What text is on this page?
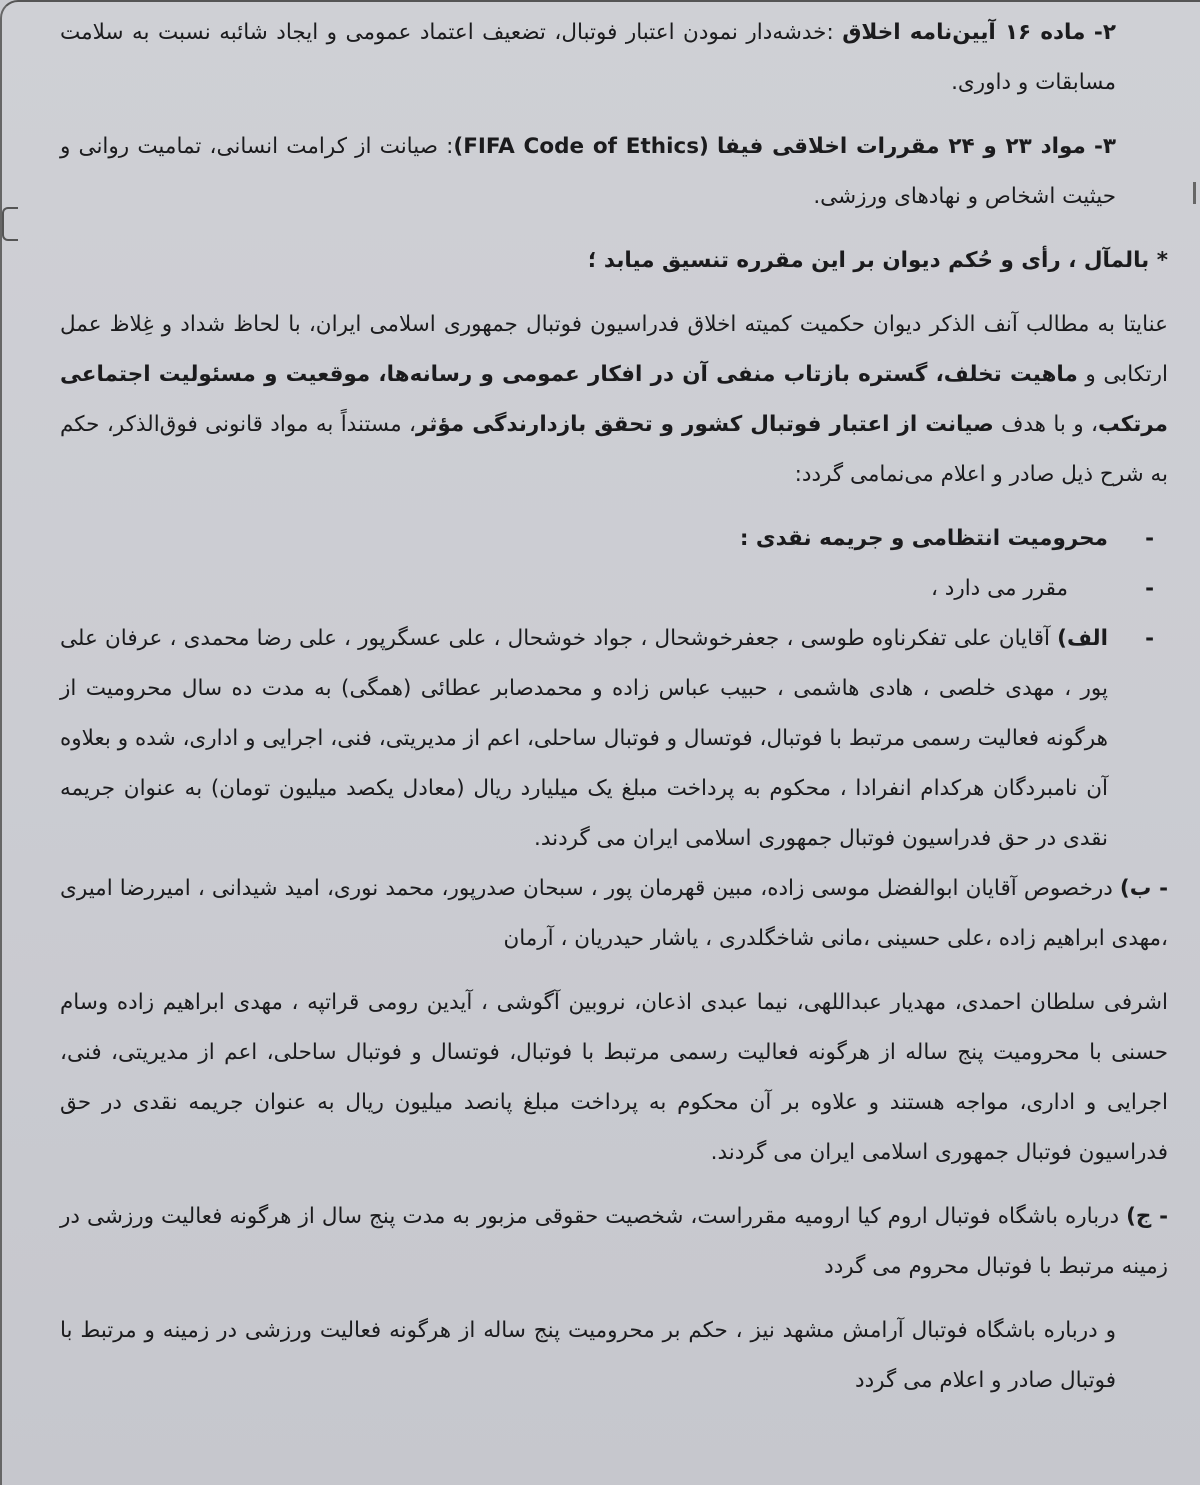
۲- ماده ۱۶ آیین‌نامه اخلاق :خدشه‌دار نمودن اعتبار فوتبال، تضعیف اعتماد عمومی و ایجاد شائبه نسبت به سلامت مسابقات و داوری.

۳- مواد ۲۳ و ۲۴ مقررات اخلاقی فیفا (FIFA Code of Ethics): صیانت از کرامت انسانی، تمامیت روانی و حیثیت اشخاص و نهادهای ورزشی.

* بالمآل ، رأی و حُکم دیوان بر این مقرره تنسیق میابد ؛

عنایتا به مطالب آنف الذکر دیوان حکمیت کمیته اخلاق فدراسیون فوتبال جمهوری اسلامی ایران، با لحاظ شداد و غِلاظ عمل ارتکابی و ماهیت تخلف، گستره بازتاب منفی آن در افکار عمومی و رسانه‌ها، موقعیت و مسئولیت اجتماعی مرتکب، و با هدف صیانت از اعتبار فوتبال کشور و تحقق بازدارندگی مؤثر، مستنداً به مواد قانونی فوق‌الذکر، حکم به شرح ذیل صادر و اعلام می‌نمامی گردد:

-
محرومیت انتظامی و جریمه نقدی :
-
مقرر می دارد ،
-
الف) آقایان علی تفکرناوه طوسی ، جعفرخوشحال ، جواد خوشحال ، علی عسگرپور ، علی رضا محمدی ، عرفان علی پور ، مهدی خلصی ، هادی هاشمی ، حبیب عباس زاده و محمدصابر عطائی (همگی) به مدت ده سال محرومیت از هرگونه فعالیت رسمی مرتبط با فوتبال، فوتسال و فوتبال ساحلی، اعم از مدیریتی، فنی، اجرایی و اداری، شده و بعلاوه آن نامبردگان هرکدام انفرادا ، محکوم به پرداخت مبلغ یک میلیارد ریال (معادل یکصد میلیون تومان) به عنوان جریمه نقدی در حق فدراسیون فوتبال جمهوری اسلامی ایران می گردند.

- ب) درخصوص آقایان ابوالفضل موسی زاده، مبین قهرمان پور ، سبحان صدرپور، محمد نوری، امید شیدانی ، امیررضا امیری ،مهدی ابراهیم زاده ،علی حسینی ،مانی شاخگلدری ، یاشار حیدریان ، آرمان

اشرفی سلطان احمدی، مهدیار عبداللهی، نیما عبدی اذعان، نروبین آگوشی ، آیدین رومی قراتپه ، مهدی ابراهیم زاده وسام حسنی با محرومیت پنج ساله از هرگونه فعالیت رسمی مرتبط با فوتبال، فوتسال و فوتبال ساحلی، اعم از مدیریتی، فنی، اجرایی و اداری، مواجه هستند و علاوه بر آن محکوم به پرداخت مبلغ پانصد میلیون ریال به عنوان جریمه نقدی در حق فدراسیون فوتبال جمهوری اسلامی ایران می گردند.

- ج) درباره باشگاه فوتبال اروم کیا ارومیه مقرراست، شخصیت حقوقی مزبور به مدت پنج سال از هرگونه فعالیت ورزشی در زمینه مرتبط با فوتبال محروم می گردد

و درباره باشگاه فوتبال آرامش مشهد نیز ، حکم بر محرومیت پنج ساله از هرگونه فعالیت ورزشی در زمینه و مرتبط با فوتبال صادر و اعلام می گردد
